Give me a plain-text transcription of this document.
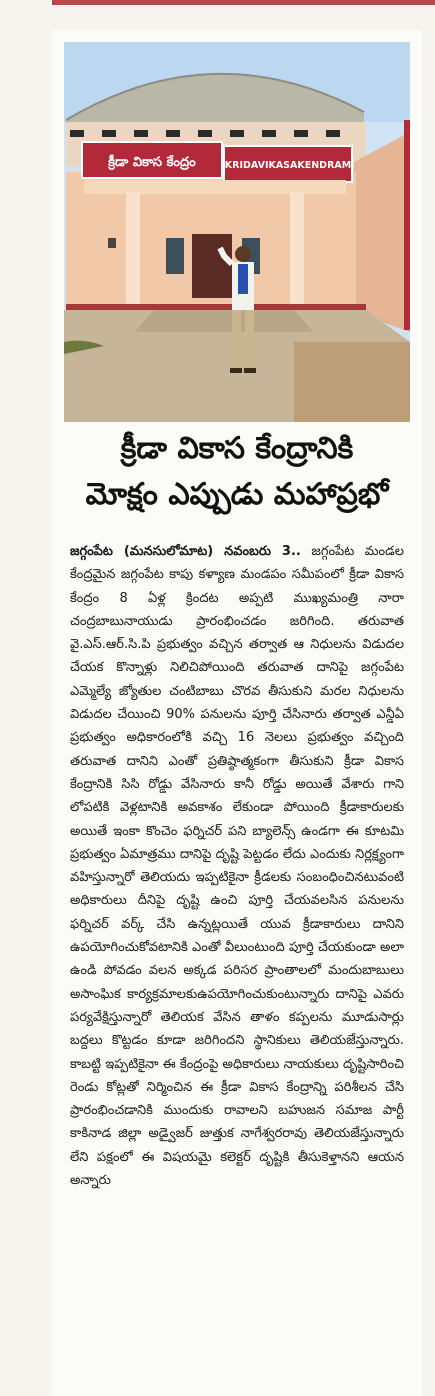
క్రీడా వికాస కేంద్రం	KRIDAVIKASAKENDRAM
క్రీడా వికాస కేంద్రానికి
మోక్షం ఎప్పుడు మహాప్రభో
జగ్గంపేట (మనసులోమాట) నవంబరు 3.. జగ్గంపేట మండల కేంద్రమైన జగ్గంపేట కాపు కళ్యాణ మండపం సమీపంలో క్రీడా వికాస కేంద్రం 8 ఏళ్ల క్రిందట అప్పటి ముఖ్యమంత్రి నారా చంద్రబాబునాయుడు ప్రారంభించడం జరిగింది. తరువాత వై.ఎస్.ఆర్.సి.పి ప్రభుత్వం వచ్చిన తర్వాత ఆ నిధులను విడుదల చేయక కొన్నాళ్లు నిలిచిపోయింది తరువాత దానిపై జగ్గంపేట ఎమ్మెల్యే జ్యోతుల చంటిబాబు చొరవ తీసుకుని మరల నిధులను విడుదల చేయించి 90% పనులను పూర్తి చేసినారు తర్వాత ఎన్డీఏ ప్రభుత్వం అధికారంలోకి వచ్చి 16 నెలలు ప్రభుత్వం వచ్చింది తరువాత దానిని ఎంతో ప్రతిష్ఠాత్మకంగా తీసుకుని క్రీడా వికాస కేంద్రానికి సిసి రోడ్డు వేసినారు కానీ రోడ్డు అయితే వేశారు గాని లోపటికి వెళ్లటానికి అవకాశం లేకుండా పోయింది క్రీడాకారులకు అయితే ఇంకా కొంచెం ఫర్నిచర్ పని బ్యాలెన్స్ ఉండగా ఈ కూటమి ప్రభుత్వం ఏమాత్రము దానిపై దృష్టి పెట్టడం లేదు ఎందుకు నిర్లక్ష్యంగా వహిస్తున్నారో తెలియదు ఇప్పటికైనా క్రీడలకు సంబంధించినటువంటి అధికారులు దీనిపై దృష్టి ఉంచి పూర్తి చేయవలసిన పనులను ఫర్నిచర్ వర్క్ చేసి ఉన్నట్లయితే యువ క్రీడాకారులు దానిని ఉపయోగించుకోవటానికి ఎంతో వీలుంటుంది పూర్తి చేయకుండా అలా ఉండి పోవడం వలన అక్కడ పరిసర ప్రాంతాలలో మందుబాబులు అసాంఘిక కార్యక్రమాలకుఉపయోగించుకుంటున్నారు దానిపై ఎవరు పర్యవేక్షిస్తున్నారో తెలియక వేసిన తాళం కప్పలను మూడుసార్లు బద్దలు కొట్టడం కూడా జరిగిందని స్థానికులు తెలియజేస్తున్నారు. కాబట్టి ఇప్పటికైనా ఈ కేంద్రంపై అధికారులు నాయకులు దృష్టిసారించి రెండు కోట్లతో నిర్మించిన ఈ క్రీడా వికాస కేంద్రాన్ని పరిశీలన చేసి ప్రారంభించడానికి ముందుకు రావాలని బహుజన సమాజ పార్టీ కాకినాడ జిల్లా అడ్వైజర్ జుత్తుక నాగేశ్వరరావు తెలియజేస్తున్నారు లేని పక్షంలో ఈ విషయమై కలెక్టర్ దృష్టికి తీసుకెళ్తానని ఆయన అన్నారు
